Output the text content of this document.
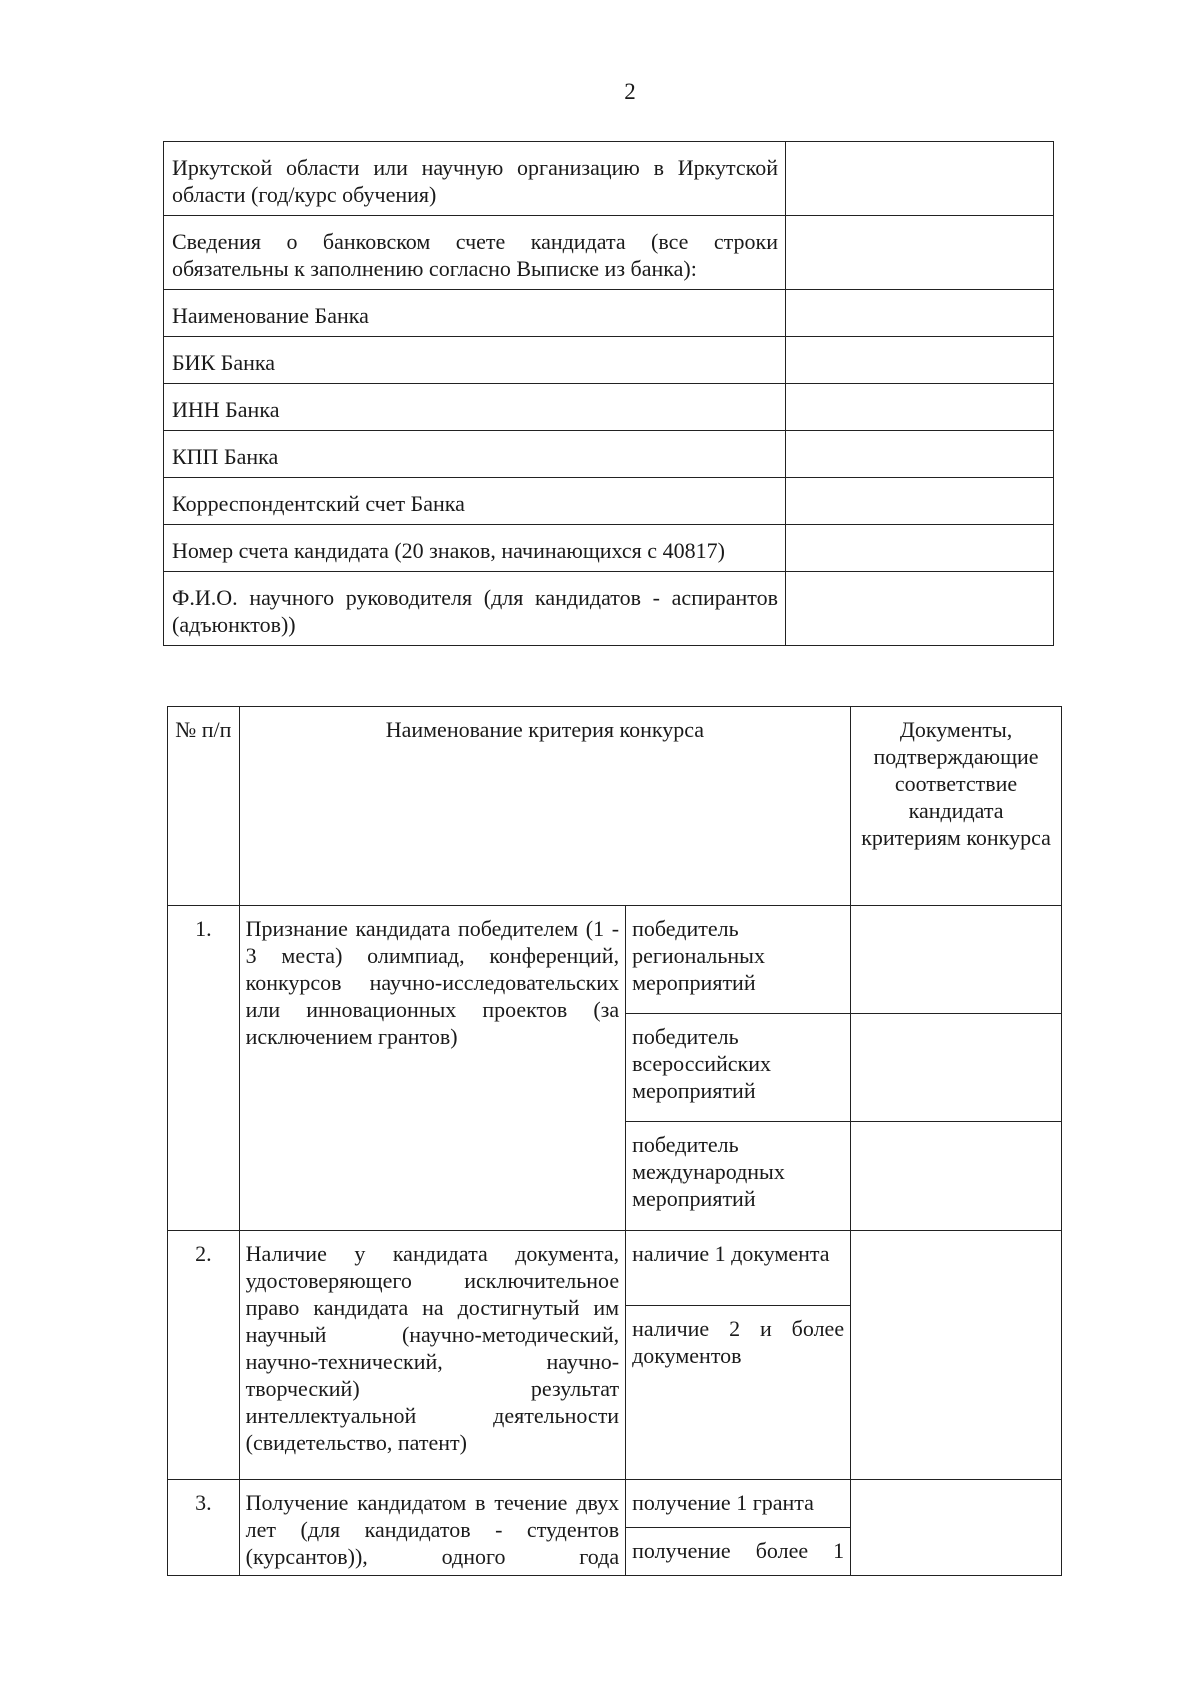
2
Иркутской области или научную организацию в Иркутской области (год/курс обучения)	
Сведения о банковском счете кандидата (все строки обязательны к заполнению согласно Выписке из банка):	
Наименование Банка	
БИК Банка	
ИНН Банка	
КПП Банка	
Корреспондентский счет Банка	
Номер счета кандидата (20 знаков, начинающихся с 40817)	
Ф.И.О. научного руководителя (для кандидатов - аспирантов (адъюнктов))	
№ п/п	Наименование критерия конкурса		Документы, подтверждающие соответствие кандидата критериям конкурса
1.	Признание кандидата победителем (1 - 3 места) олимпиад, конференций, конкурсов научно-исследовательских или инновационных проектов (за исключением грантов)	победитель региональных мероприятий	
		победитель всероссийских мероприятий	
		победитель международных мероприятий	
2.	Наличие у кандидата документа, удостоверяющего исключительное право кандидата на достигнутый им научный (научно-методический, научно-технический, научно-творческий) результат интеллектуальной деятельности (свидетельство, патент)	наличие 1 документа	
		наличие 2 и более документов	
3.	Получение кандидатом в течение двух лет (для кандидатов - студентов (курсантов)), одного года	получение 1 гранта	
		получение более 1	
